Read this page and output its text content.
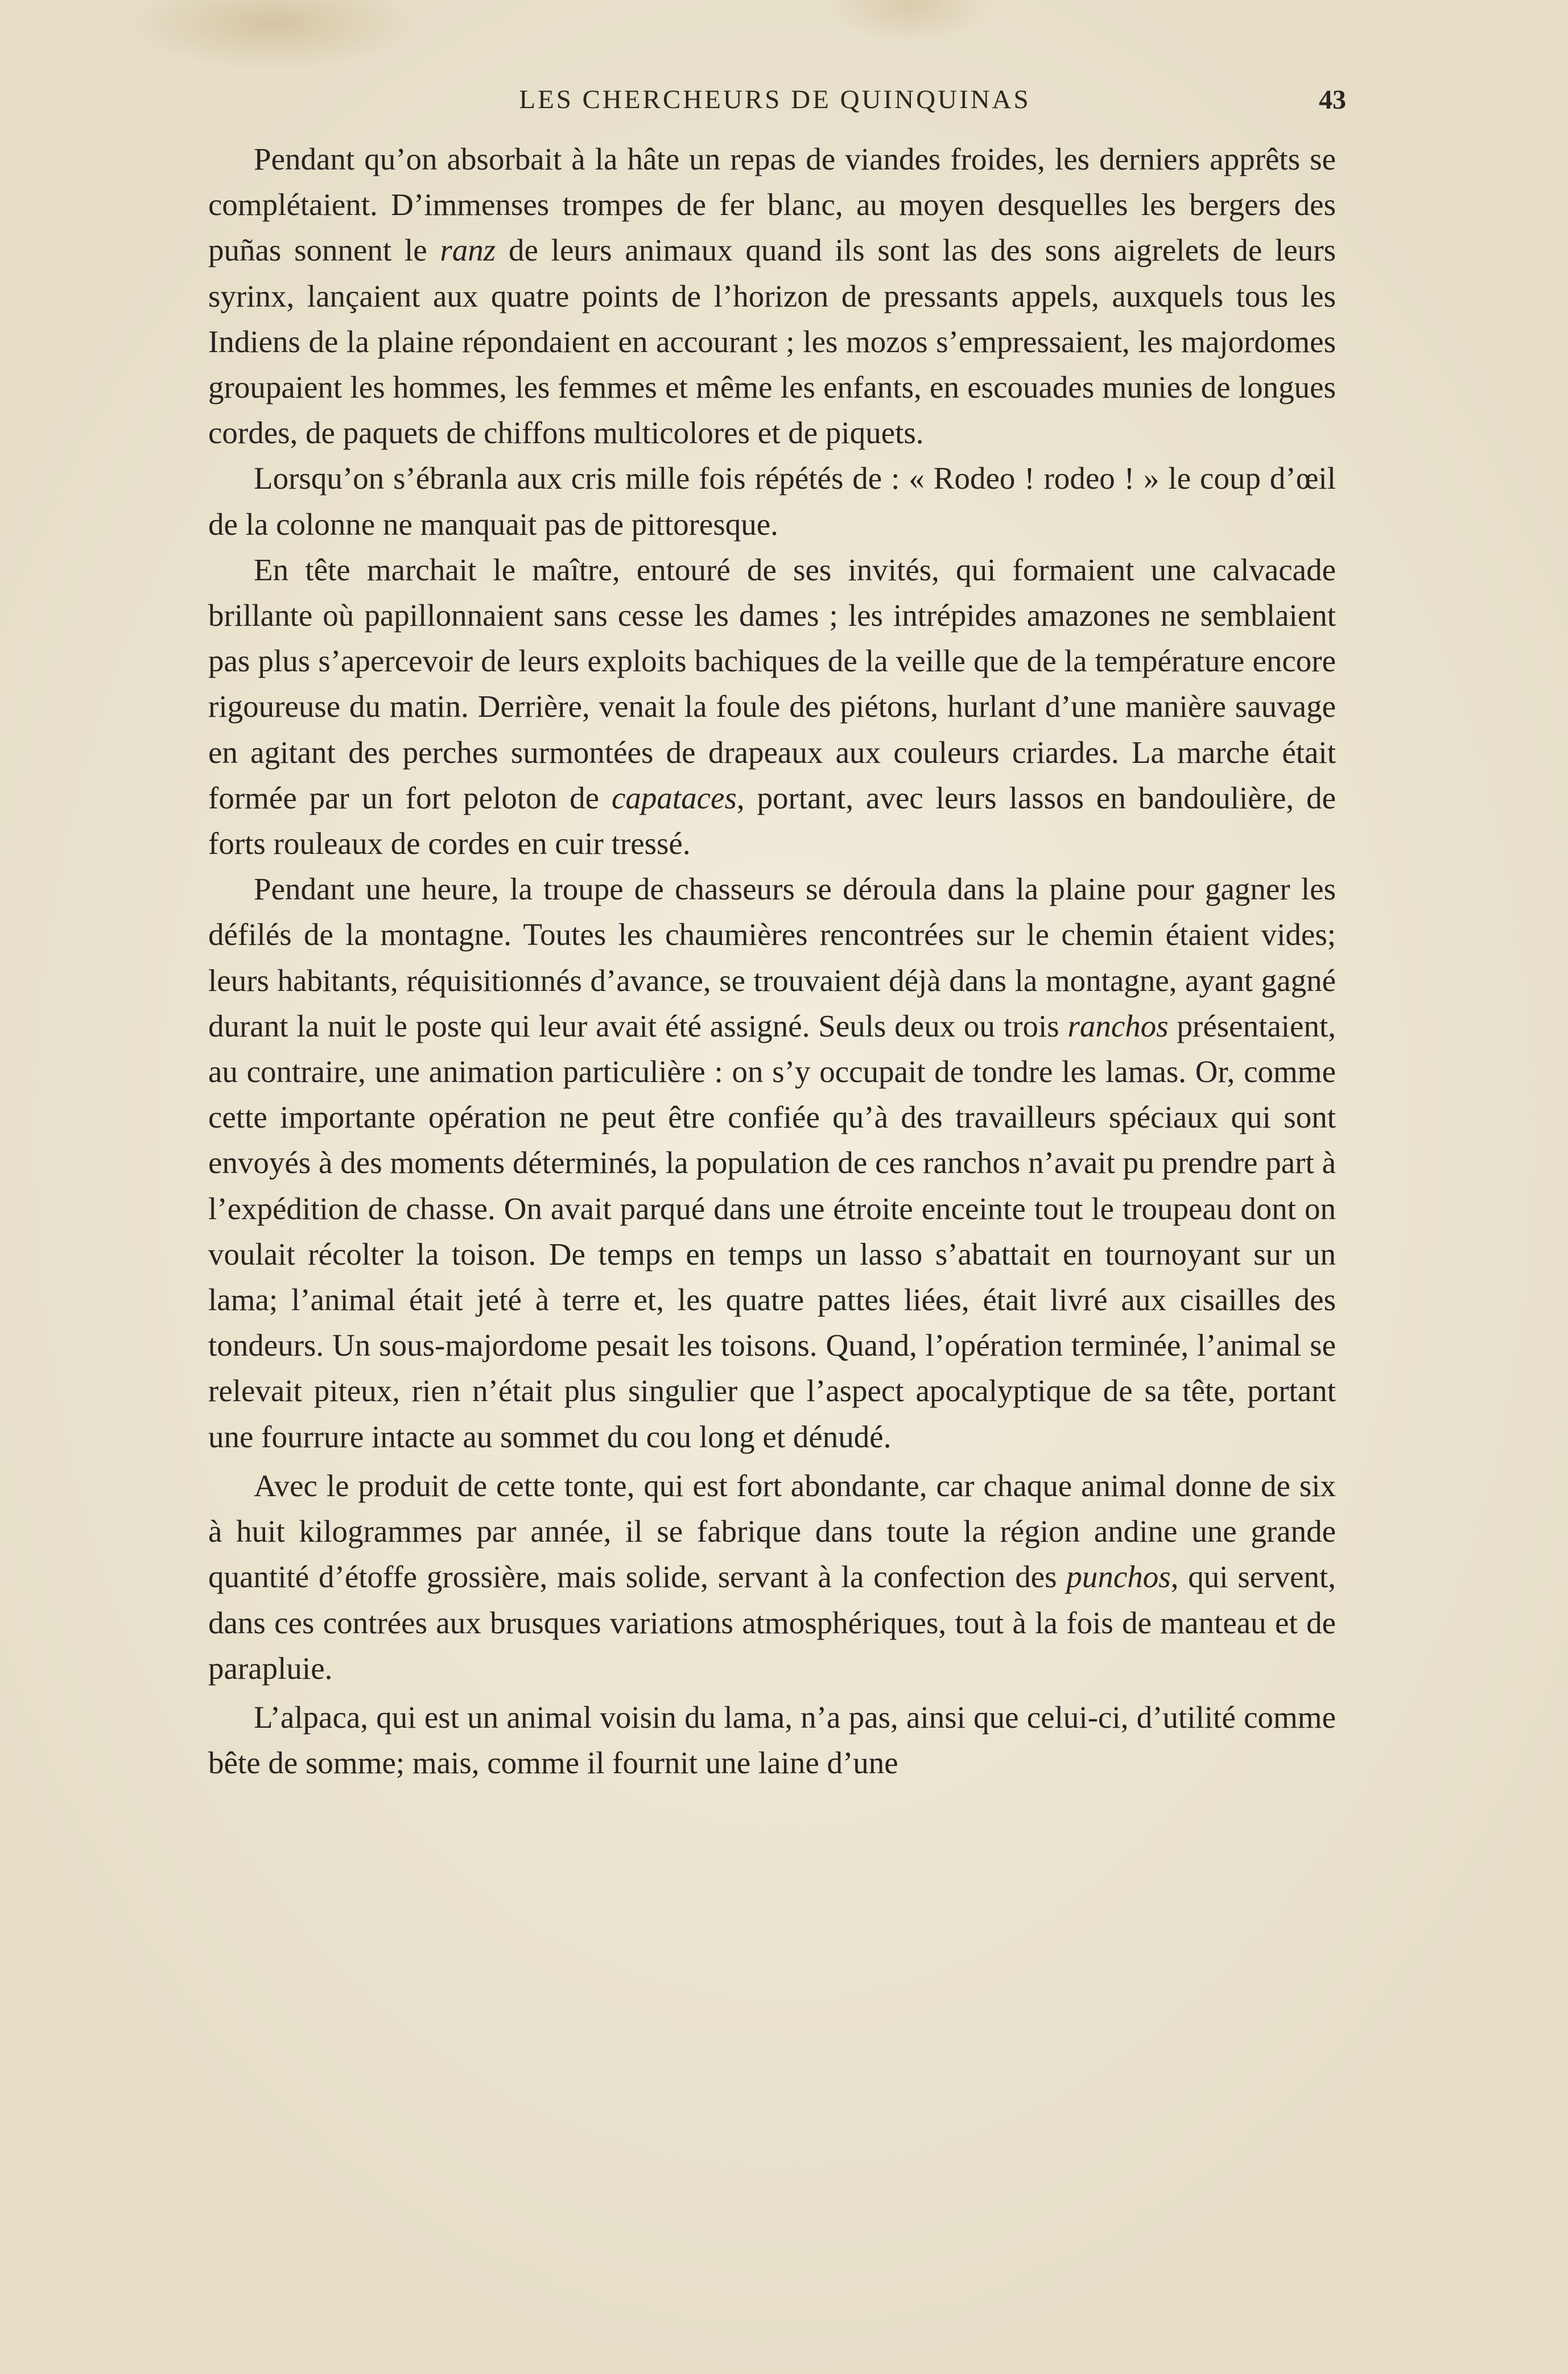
LES CHERCHEURS DE QUINQUINAS	43

Pendant qu’on absorbait à la hâte un repas de viandes froides, les derniers apprêts se complétaient. D’immenses trompes de fer blanc, au moyen desquelles les bergers des puñas sonnent le ranz de leurs animaux quand ils sont las des sons aigrelets de leurs syrinx, lançaient aux quatre points de l’horizon de pressants appels, auxquels tous les Indiens de la plaine répondaient en accourant ; les mozos s’empressaient, les majordomes groupaient les hommes, les femmes et même les enfants, en escouades munies de longues cordes, de paquets de chiffons multicolores et de piquets.

Lorsqu’on s’ébranla aux cris mille fois répétés de : « Rodeo ! rodeo ! » le coup d’œil de la colonne ne manquait pas de pittoresque.

En tête marchait le maître, entouré de ses invités, qui formaient une calvacade brillante où papillonnaient sans cesse les dames ; les intrépides amazones ne semblaient pas plus s’apercevoir de leurs exploits bachiques de la veille que de la température encore rigoureuse du matin. Derrière, venait la foule des piétons, hurlant d’une manière sauvage en agitant des perches surmontées de drapeaux aux couleurs criardes. La marche était formée par un fort peloton de capataces, portant, avec leurs lassos en bandoulière, de forts rouleaux de cordes en cuir tressé.

Pendant une heure, la troupe de chasseurs se déroula dans la plaine pour gagner les défilés de la montagne. Toutes les chaumières rencontrées sur le chemin étaient vides; leurs habitants, réquisitionnés d’avance, se trouvaient déjà dans la montagne, ayant gagné durant la nuit le poste qui leur avait été assigné. Seuls deux ou trois ranchos présentaient, au contraire, une animation particulière : on s’y occupait de tondre les lamas. Or, comme cette importante opération ne peut être confiée qu’à des travailleurs spéciaux qui sont envoyés à des moments déterminés, la population de ces ranchos n’avait pu prendre part à l’expédition de chasse. On avait parqué dans une étroite enceinte tout le troupeau dont on voulait récolter la toison. De temps en temps un lasso s’abattait en tournoyant sur un lama; l’animal était jeté à terre et, les quatre pattes liées, était livré aux cisailles des tondeurs. Un sous-majordome pesait les toisons. Quand, l’opération terminée, l’animal se relevait piteux, rien n’était plus singulier que l’aspect apocalyptique de sa tête, portant une fourrure intacte au sommet du cou long et dénudé.

Avec le produit de cette tonte, qui est fort abondante, car chaque animal donne de six à huit kilogrammes par année, il se fabrique dans toute la région andine une grande quantité d’étoffe grossière, mais solide, servant à la confection des punchos, qui servent, dans ces contrées aux brusques variations atmosphériques, tout à la fois de manteau et de parapluie.

L’alpaca, qui est un animal voisin du lama, n’a pas, ainsi que celui-ci, d’utilité comme bête de somme; mais, comme il fournit une laine d’une
